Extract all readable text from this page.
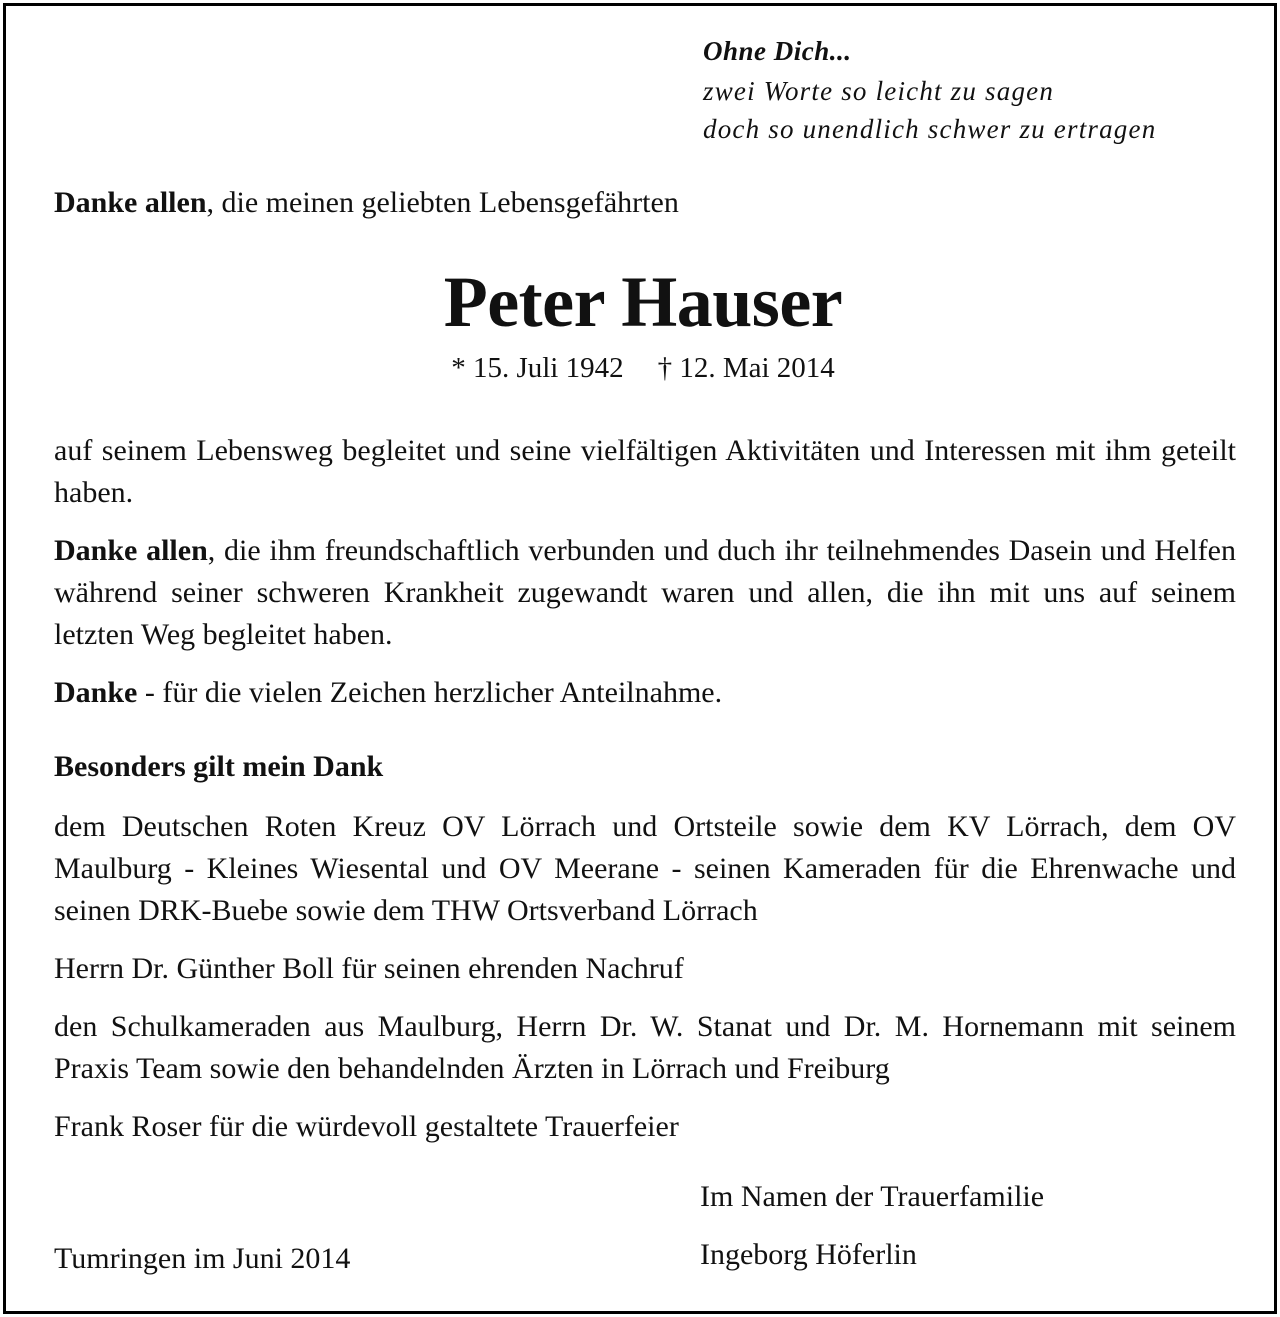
Ohne Dich...

zwei Worte so leicht zu sagen

doch so unendlich schwer zu ertragen

Danke allen, die meinen geliebten Lebensgefährten

Peter Hauser

* 15. Juli 1942 † 12. Mai 2014

auf seinem Lebensweg begleitet und seine vielfältigen Aktivitäten und Interessen mit ihm geteilt haben.

Danke allen, die ihm freundschaftlich verbunden und duch ihr teilnehmendes Dasein und Helfen während seiner schweren Krankheit zugewandt waren und allen, die ihn mit uns auf seinem letzten Weg begleitet haben.

Danke - für die vielen Zeichen herzlicher Anteilnahme.

Besonders gilt mein Dank

dem Deutschen Roten Kreuz OV Lörrach und Ortsteile sowie dem KV Lörrach, dem OV Maulburg - Kleines Wiesental und OV Meerane - seinen Kameraden für die Ehrenwache und seinen DRK-Buebe sowie dem THW Ortsverband Lörrach

Herrn Dr. Günther Boll für seinen ehrenden Nachruf

den Schulkameraden aus Maulburg, Herrn Dr. W. Stanat und Dr. M. Hornemann mit seinem Praxis Team sowie den behandelnden Ärzten in Lörrach und Freiburg

Frank Roser für die würdevoll gestaltete Trauerfeier

Im Namen der Trauerfamilie

Tumringen im Juni 2014	Ingeborg Höferlin
